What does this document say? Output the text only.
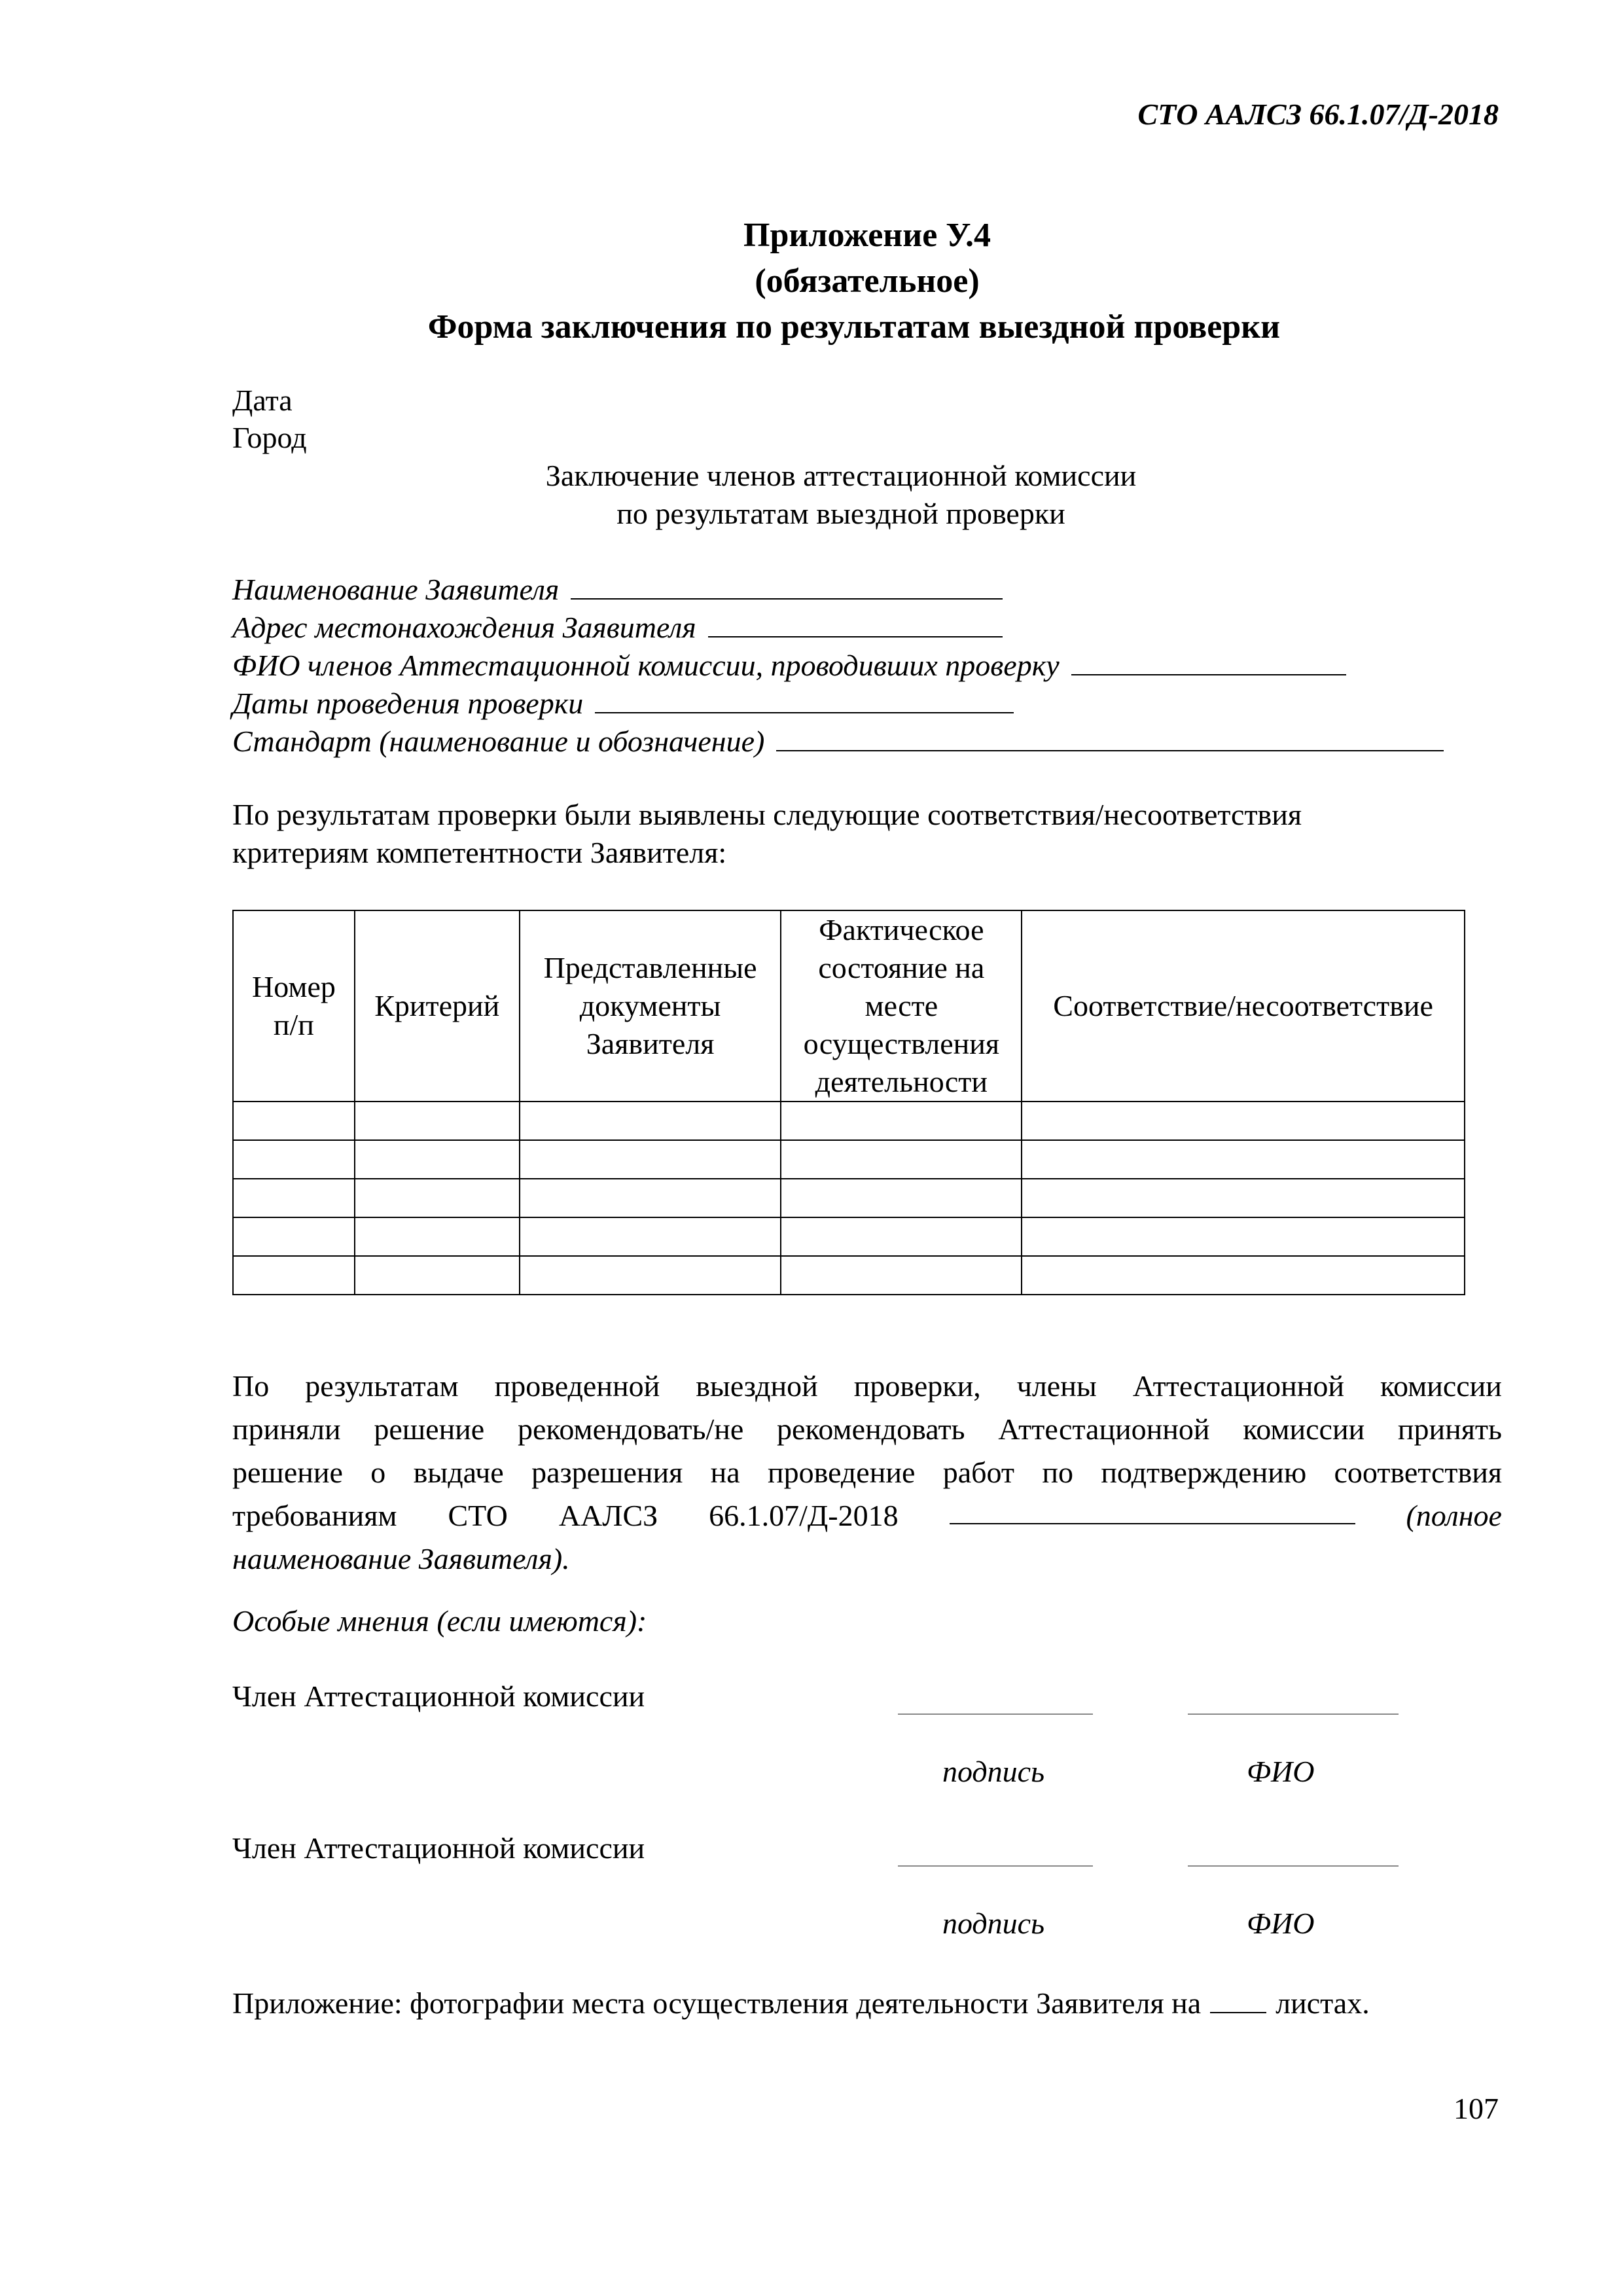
СТО ААЛСЗ 66.1.07/Д-2018
Приложение У.4
(обязательное)
Форма заключения по результатам выездной проверки
Дата
Город
Заключение членов аттестационной комиссии
по результатам выездной проверки
Наименование Заявителя
Адрес местонахождения Заявителя
ФИО членов Аттестационной комиссии, проводивших проверку
Даты проведения проверки
Стандарт (наименование и обозначение)
По результатам проверки были выявлены следующие соответствия/несоответствия
критериям компетентности Заявителя:
Номер п/п	Критерий	Представленные документы Заявителя	Фактическое состояние на месте осуществления деятельности	Соответствие/несоответствие

По результатам проведенной выездной проверки, члены Аттестационной комиссии
приняли решение рекомендовать/не рекомендовать Аттестационной комиссии принять
решение о выдаче разрешения на проведение работ по подтверждению соответствия
требованиям СТО ААЛСЗ 66.1.07/Д-2018	(полное
наименование Заявителя).
Особые мнения (если имеются):
Член Аттестационной комиссии
подпись	ФИО
Член Аттестационной комиссии
подпись	ФИО
Приложение: фотографии места осуществления деятельности Заявителя на листах.
107
